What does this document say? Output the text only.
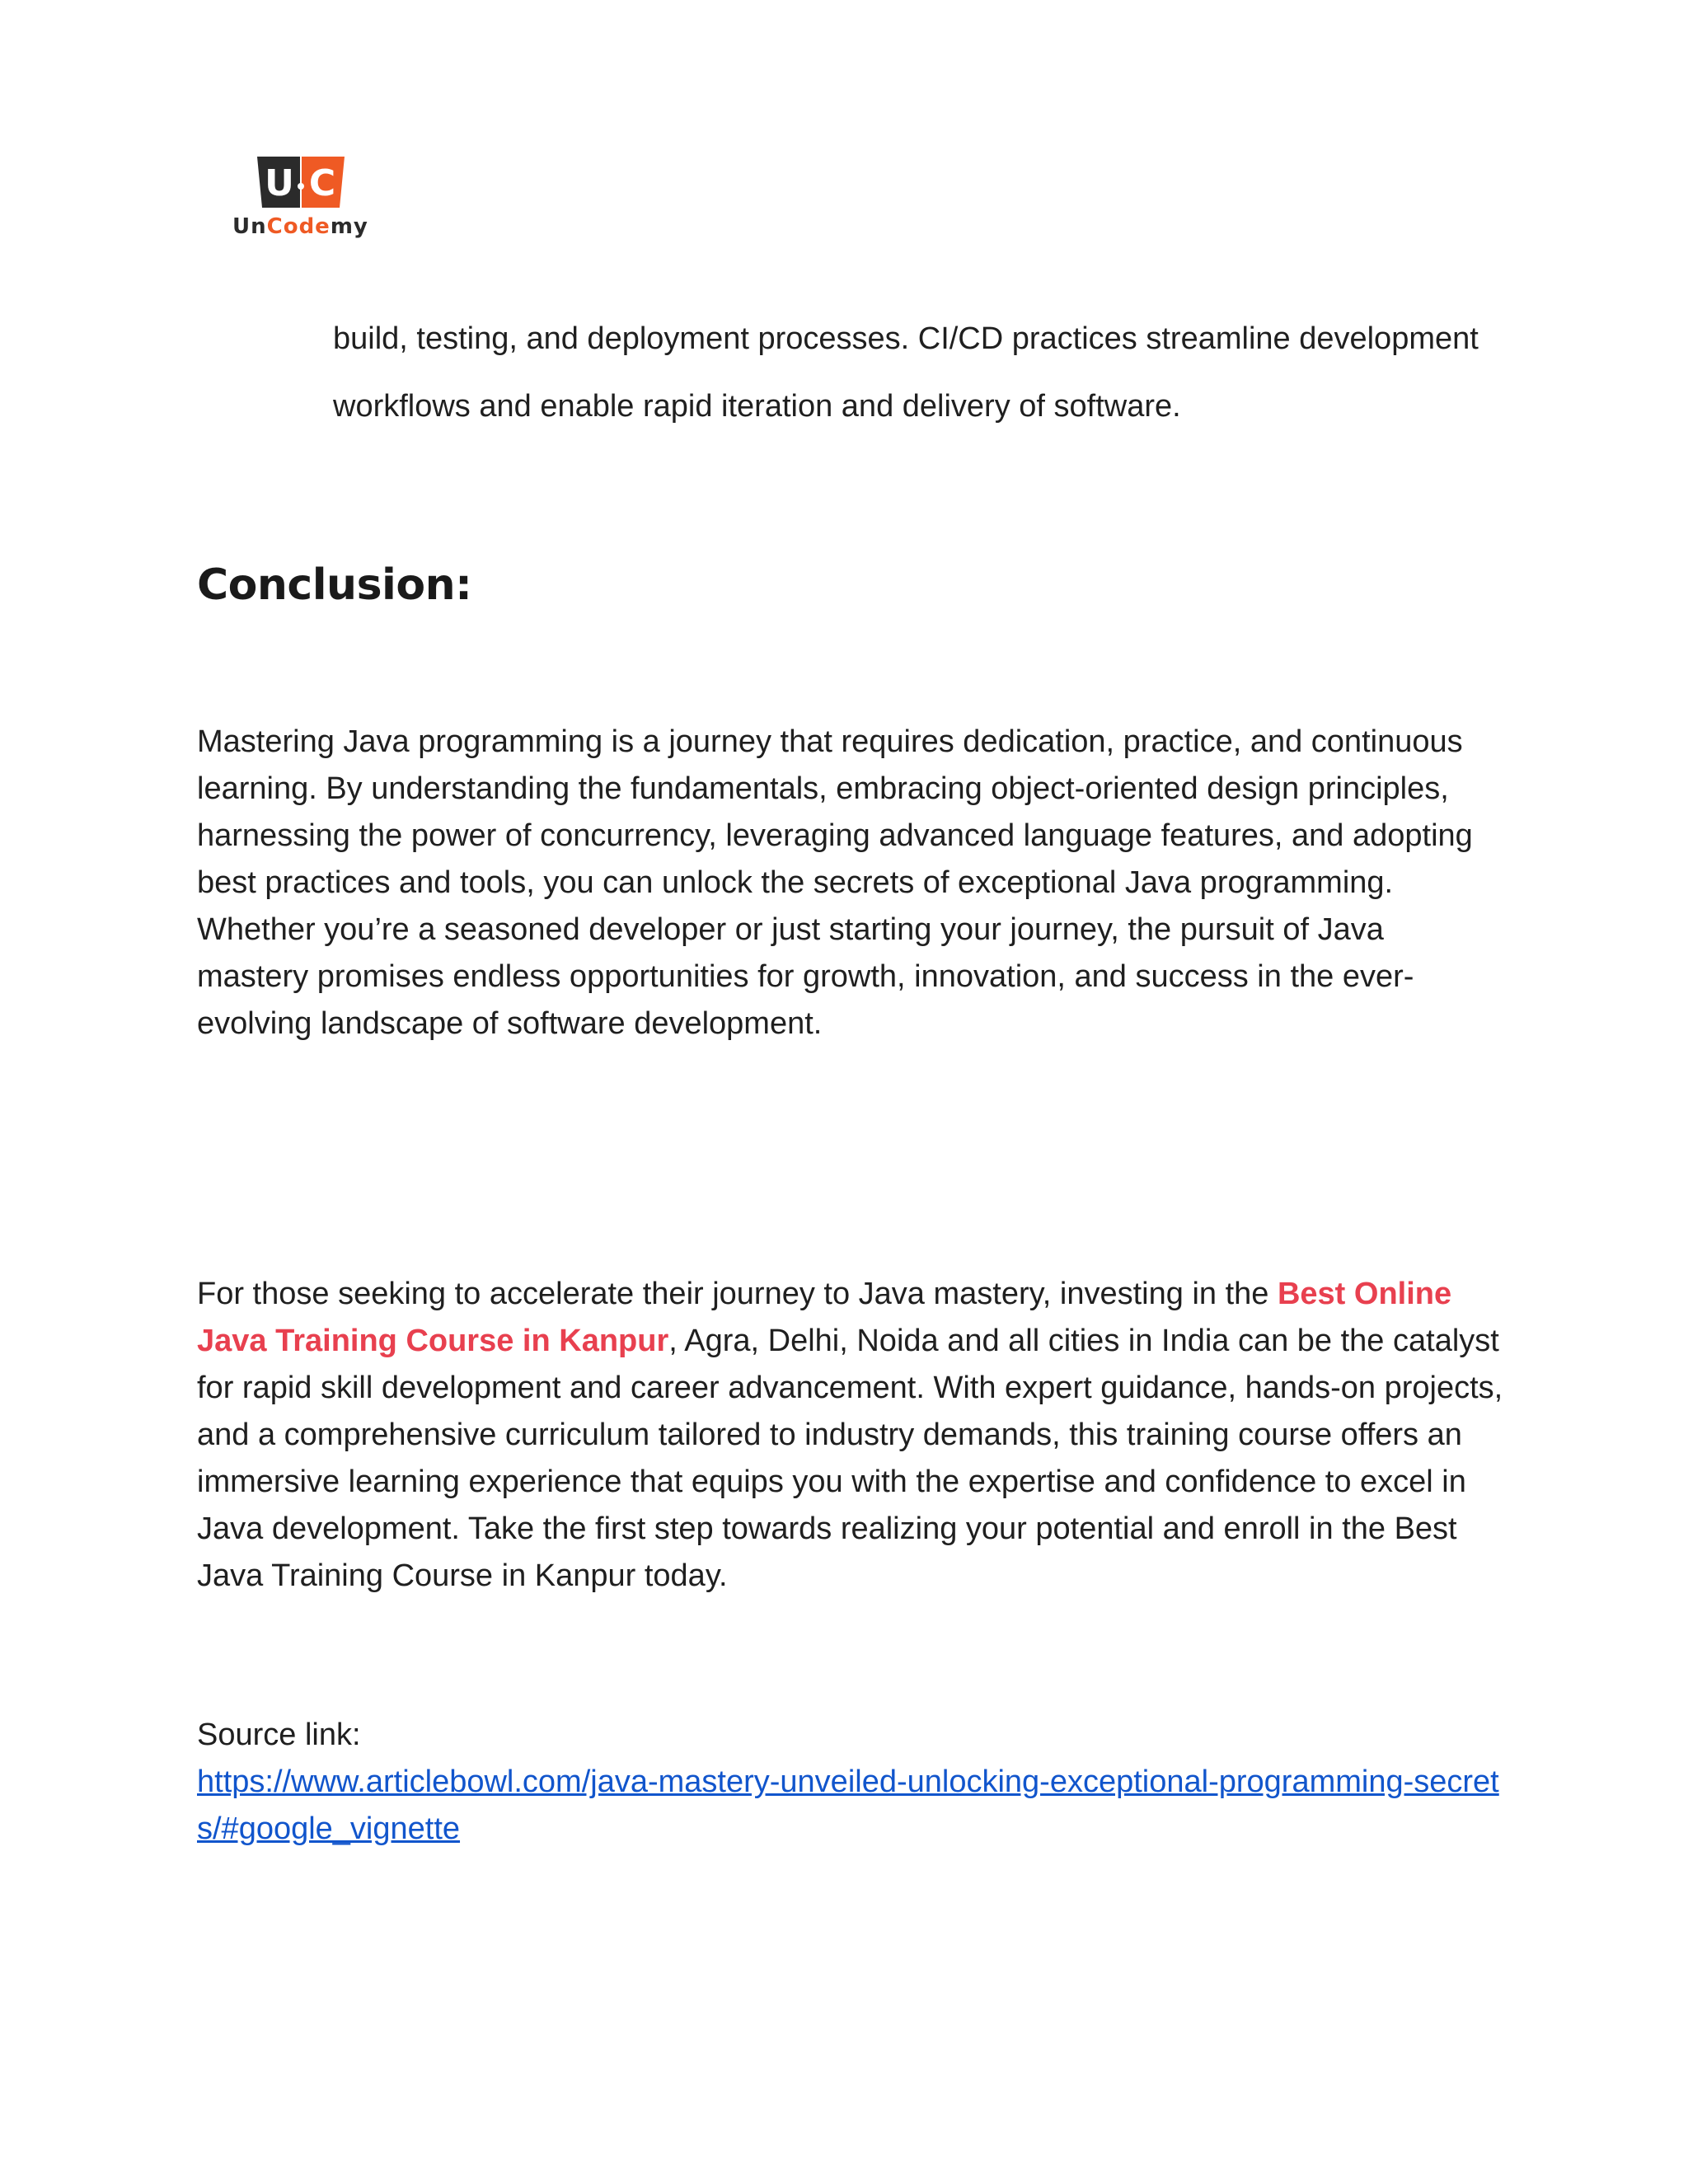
U C
UnCodemy

build, testing, and deployment processes. CI/CD practices streamline development workflows and enable rapid iteration and delivery of software.

Conclusion:

Mastering Java programming is a journey that requires dedication, practice, and continuous learning. By understanding the fundamentals, embracing object-oriented design principles, harnessing the power of concurrency, leveraging advanced language features, and adopting best practices and tools, you can unlock the secrets of exceptional Java programming. Whether you’re a seasoned developer or just starting your journey, the pursuit of Java mastery promises endless opportunities for growth, innovation, and success in the ever-evolving landscape of software development.

For those seeking to accelerate their journey to Java mastery, investing in the Best Online Java Training Course in Kanpur, Agra, Delhi, Noida and all cities in India can be the catalyst for rapid skill development and career advancement. With expert guidance, hands-on projects, and a comprehensive curriculum tailored to industry demands, this training course offers an immersive learning experience that equips you with the expertise and confidence to excel in Java development. Take the first step towards realizing your potential and enroll in the Best Java Training Course in Kanpur today.

Source link:
https://www.articlebowl.com/java-mastery-unveiled-unlocking-exceptional-programming-secrets/#google_vignette
